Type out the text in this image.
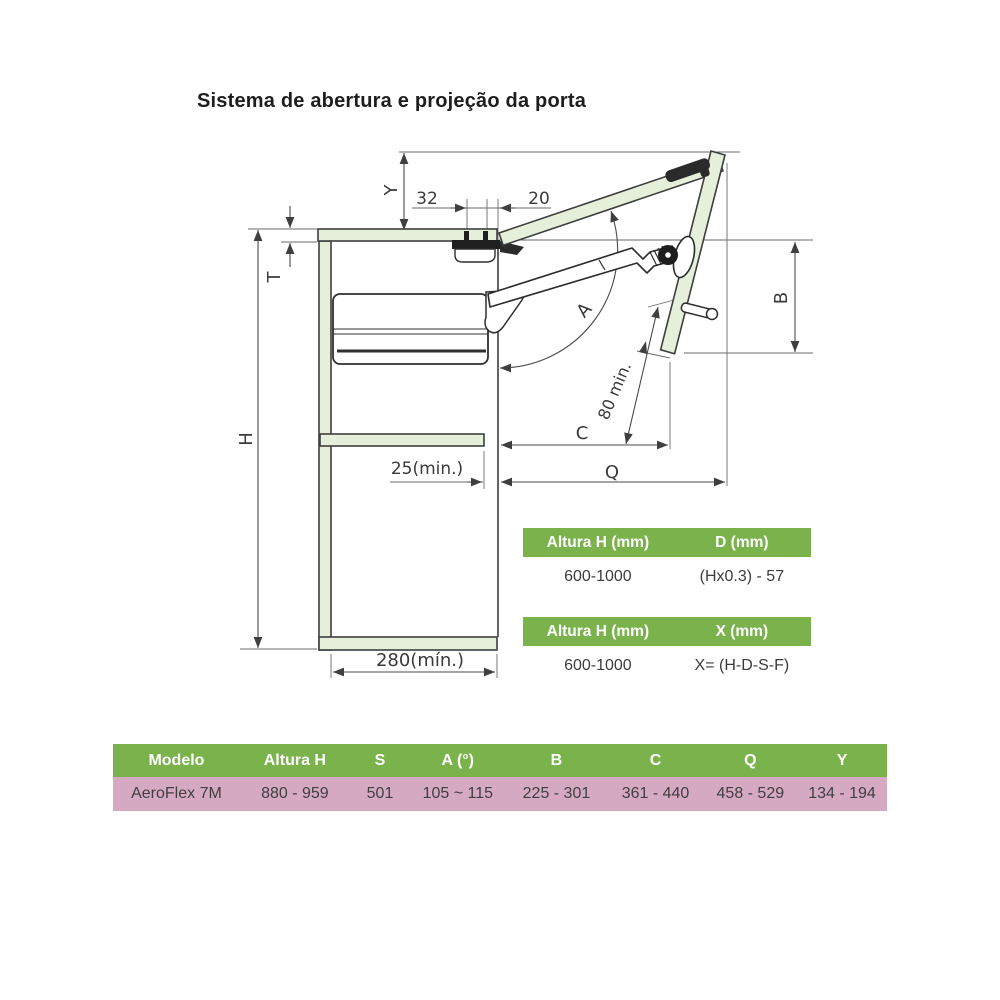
Sistema de abertura e projeção da porta
Y
T
H
B
A
C
Q
32	20
25(min.)
280(mín.)
80 min.
Altura H (mm)	D (mm)
600-1000	(Hx0.3) - 57
Altura H (mm)	X (mm)
600-1000	X= (H-D-S-F)
Modelo	Altura H	S	A (°)	B	C	Q	Y
AeroFlex 7M	880 - 959	501	105 ~ 115	225 - 301	361 - 440	458 - 529	134 - 194
